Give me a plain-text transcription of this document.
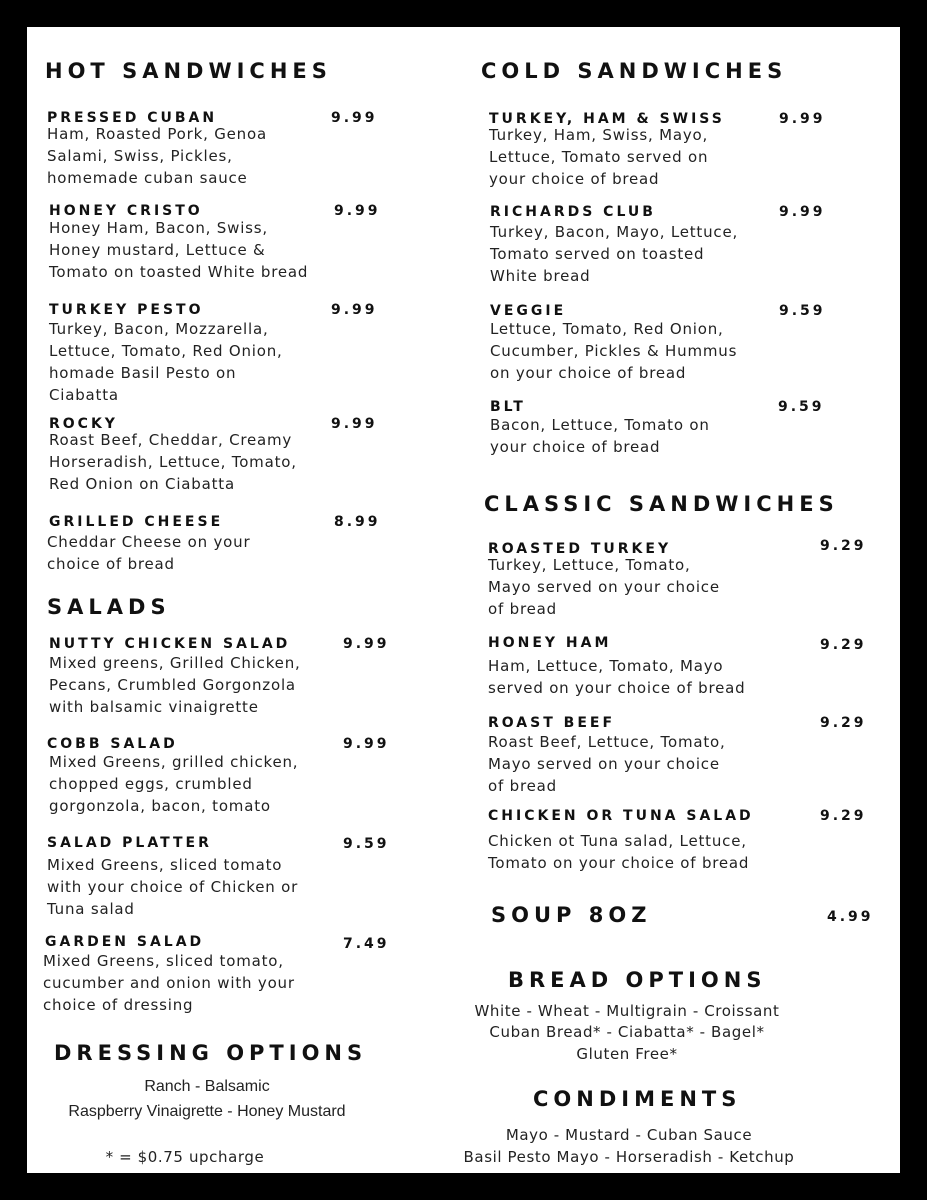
HOT SANDWICHES
PRESSED CUBAN	9.99
Ham, Roasted Pork, Genoa
Salami, Swiss, Pickles,
homemade cuban sauce
HONEY CRISTO	9.99
Honey Ham, Bacon, Swiss,
Honey mustard, Lettuce &
Tomato on toasted White bread
TURKEY PESTO	9.99
Turkey, Bacon, Mozzarella,
Lettuce, Tomato, Red Onion,
homade Basil Pesto on
Ciabatta
ROCKY	9.99
Roast Beef, Cheddar, Creamy
Horseradish, Lettuce, Tomato,
Red Onion on Ciabatta
GRILLED CHEESE	8.99
Cheddar Cheese on your
choice of bread
SALADS
NUTTY CHICKEN SALAD	9.99
Mixed greens, Grilled Chicken,
Pecans, Crumbled Gorgonzola
with balsamic vinaigrette
COBB SALAD	9.99
Mixed Greens, grilled chicken,
chopped eggs, crumbled
gorgonzola, bacon, tomato
SALAD PLATTER	9.59
Mixed Greens, sliced tomato
with your choice of Chicken or
Tuna salad
GARDEN SALAD	7.49
Mixed Greens, sliced tomato,
cucumber and onion with your
choice of dressing
DRESSING OPTIONS
Ranch - Balsamic
Raspberry Vinaigrette - Honey Mustard
* = $0.75 upcharge
COLD SANDWICHES
TURKEY, HAM & SWISS	9.99
Turkey, Ham, Swiss, Mayo,
Lettuce, Tomato served on
your choice of bread
RICHARDS CLUB	9.99
Turkey, Bacon, Mayo, Lettuce,
Tomato served on toasted
White bread
VEGGIE	9.59
Lettuce, Tomato, Red Onion,
Cucumber, Pickles & Hummus
on your choice of bread
BLT	9.59
Bacon, Lettuce, Tomato on
your choice of bread
CLASSIC SANDWICHES
ROASTED TURKEY	9.29
Turkey, Lettuce, Tomato,
Mayo served on your choice
of bread
HONEY HAM	9.29
Ham, Lettuce, Tomato, Mayo
served on your choice of bread
ROAST BEEF	9.29
Roast Beef, Lettuce, Tomato,
Mayo served on your choice
of bread
CHICKEN OR TUNA SALAD	9.29
Chicken ot Tuna salad, Lettuce,
Tomato on your choice of bread
SOUP 8OZ	4.99
BREAD OPTIONS
White - Wheat - Multigrain - Croissant
Cuban Bread* - Ciabatta* - Bagel*
Gluten Free*
CONDIMENTS
Mayo - Mustard - Cuban Sauce
Basil Pesto Mayo - Horseradish - Ketchup
